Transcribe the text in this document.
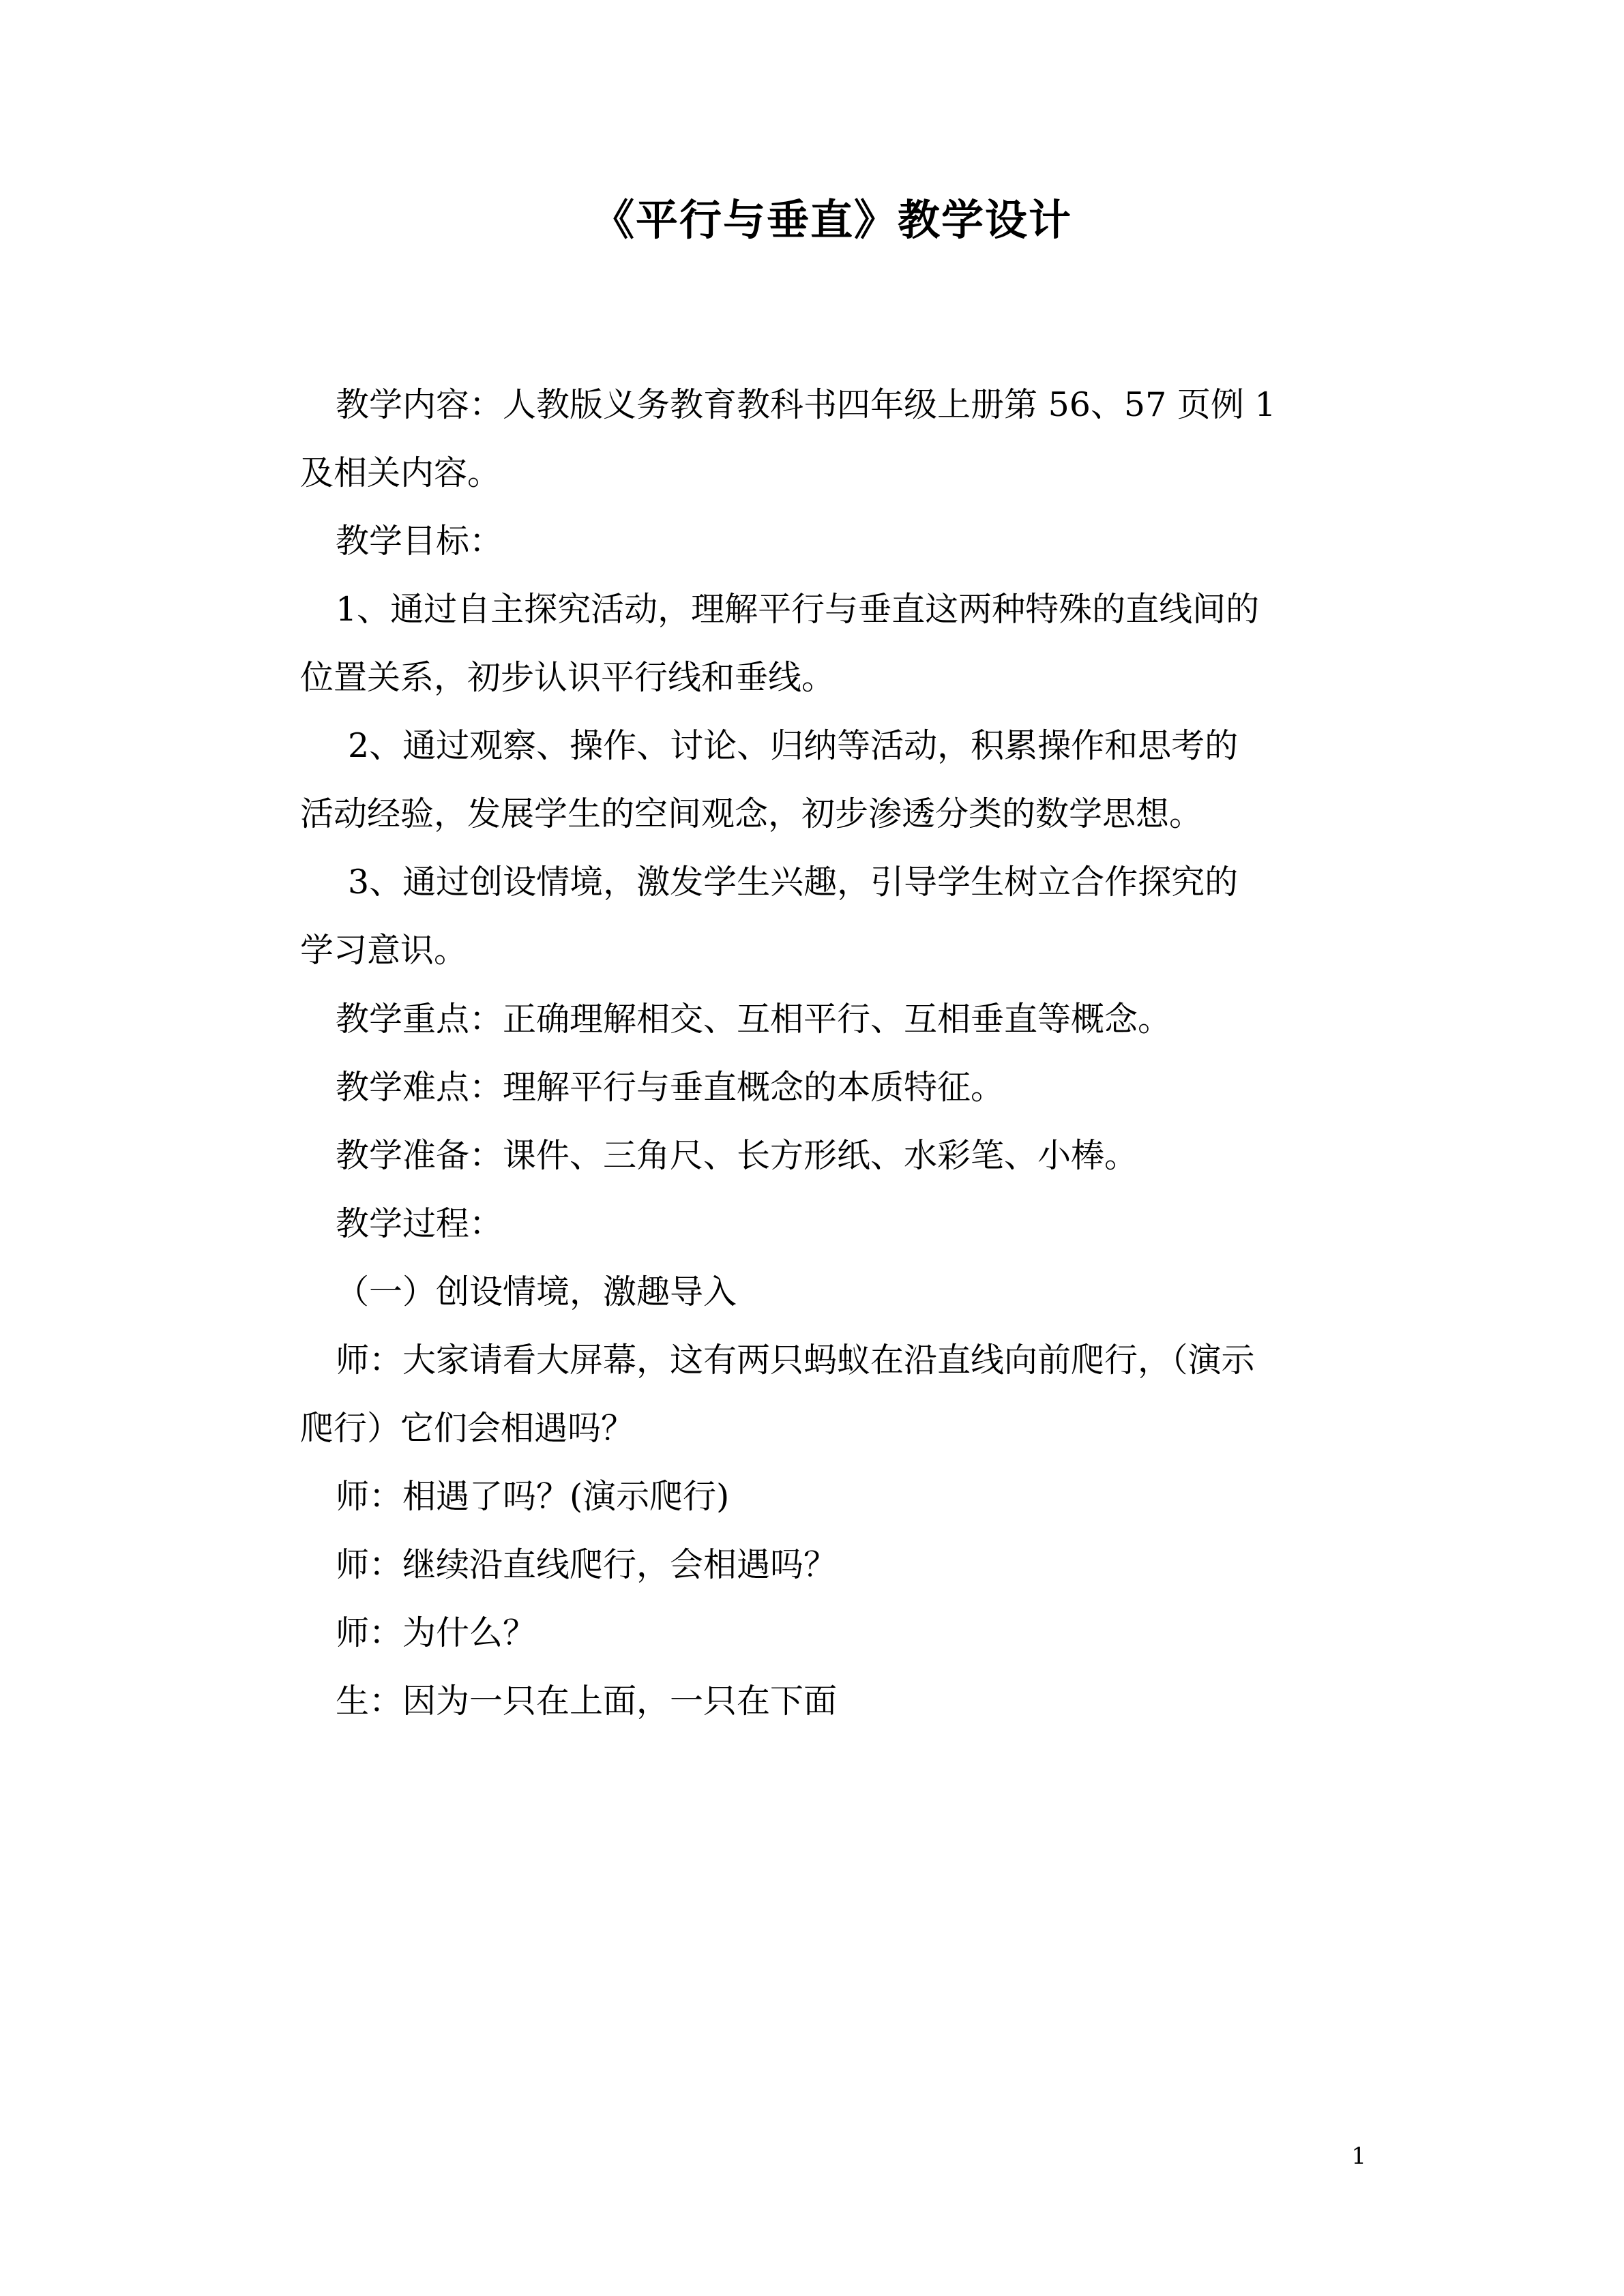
《平行与垂直》教学设计

教学内容：人教版义务教育教科书四年级上册第 56、57 页例 1

及相关内容。

教学目标：

1、通过自主探究活动，理解平行与垂直这两种特殊的直线间的

位置关系，初步认识平行线和垂线。

2、通过观察、操作、讨论、归纳等活动，积累操作和思考的

活动经验，发展学生的空间观念，初步渗透分类的数学思想。

3、通过创设情境，激发学生兴趣，引导学生树立合作探究的

学习意识。

教学重点：正确理解相交、互相平行、互相垂直等概念。

教学难点：理解平行与垂直概念的本质特征。

教学准备：课件、三角尺、长方形纸、水彩笔、小棒。

教学过程：

（一）创设情境，激趣导入

师：大家请看大屏幕，这有两只蚂蚁在沿直线向前爬行，（演示

爬行）它们会相遇吗？

师：相遇了吗？(演示爬行)

师：继续沿直线爬行，会相遇吗？

师：为什么？

生：因为一只在上面，一只在下面

1
